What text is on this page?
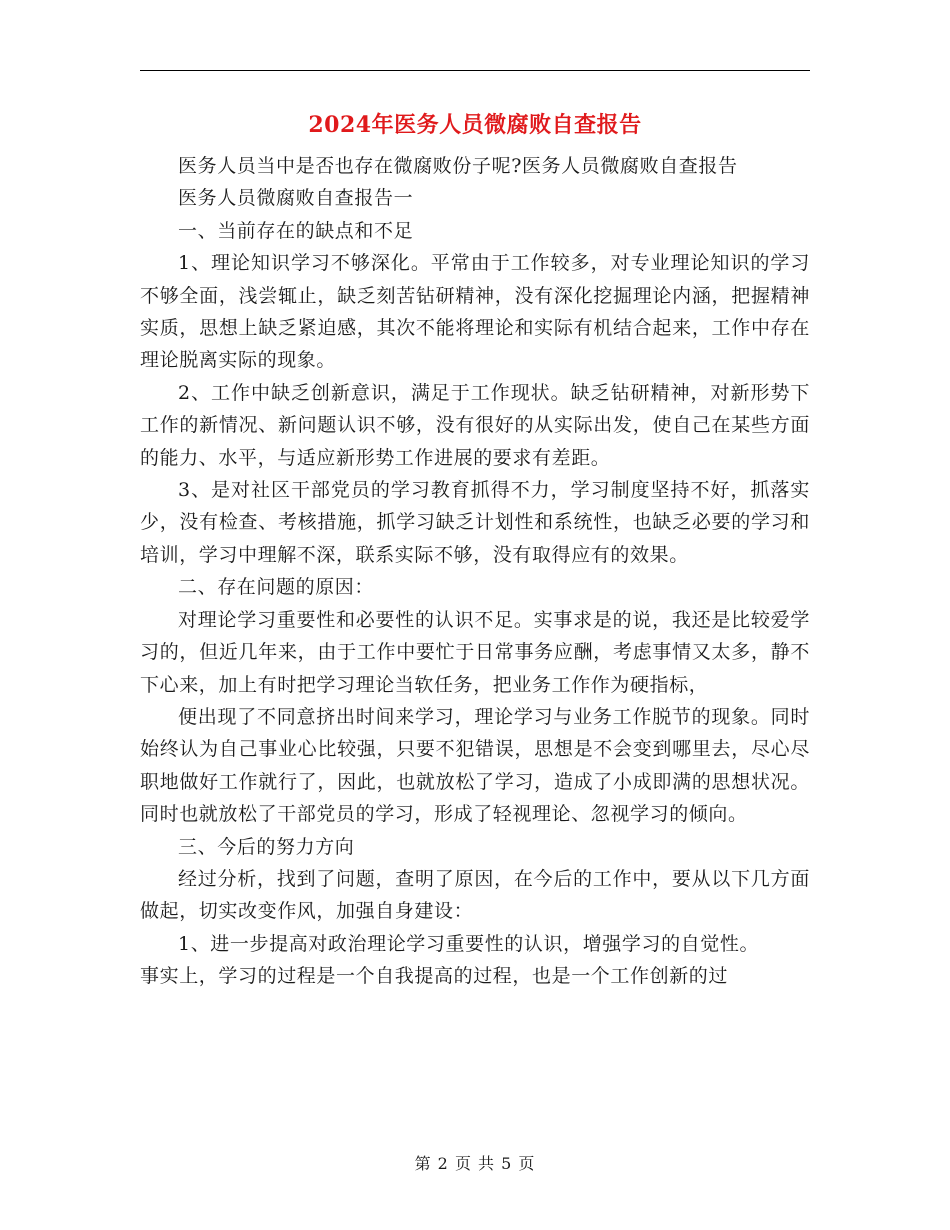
2024年医务人员微腐败自查报告

医务人员当中是否也存在微腐败份子呢?医务人员微腐败自查报告

医务人员微腐败自查报告一

一、当前存在的缺点和不足

1、理论知识学习不够深化。平常由于工作较多，对专业理论知识的学习不够全面，浅尝辄止，缺乏刻苦钻研精神，没有深化挖掘理论内涵，把握精神实质，思想上缺乏紧迫感，其次不能将理论和实际有机结合起来，工作中存在理论脱离实际的现象。

2、工作中缺乏创新意识，满足于工作现状。缺乏钻研精神，对新形势下工作的新情况、新问题认识不够，没有很好的从实际出发，使自己在某些方面的能力、水平，与适应新形势工作进展的要求有差距。

3、是对社区干部党员的学习教育抓得不力，学习制度坚持不好，抓落实少，没有检查、考核措施，抓学习缺乏计划性和系统性，也缺乏必要的学习和培训，学习中理解不深，联系实际不够，没有取得应有的效果。

二、存在问题的原因：

对理论学习重要性和必要性的认识不足。实事求是的说，我还是比较爱学习的，但近几年来，由于工作中要忙于日常事务应酬，考虑事情又太多，静不下心来，加上有时把学习理论当软任务，把业务工作作为硬指标，

便出现了不同意挤出时间来学习，理论学习与业务工作脱节的现象。同时始终认为自己事业心比较强，只要不犯错误，思想是不会变到哪里去，尽心尽职地做好工作就行了，因此，也就放松了学习，造成了小成即满的思想状况。同时也就放松了干部党员的学习，形成了轻视理论、忽视学习的倾向。

三、今后的努力方向

经过分析，找到了问题，查明了原因，在今后的工作中，要从以下几方面做起，切实改变作风，加强自身建设：

1、进一步提高对政治理论学习重要性的认识，增强学习的自觉性。

事实上，学习的过程是一个自我提高的过程，也是一个工作创新的过

第 2 页 共 5 页
